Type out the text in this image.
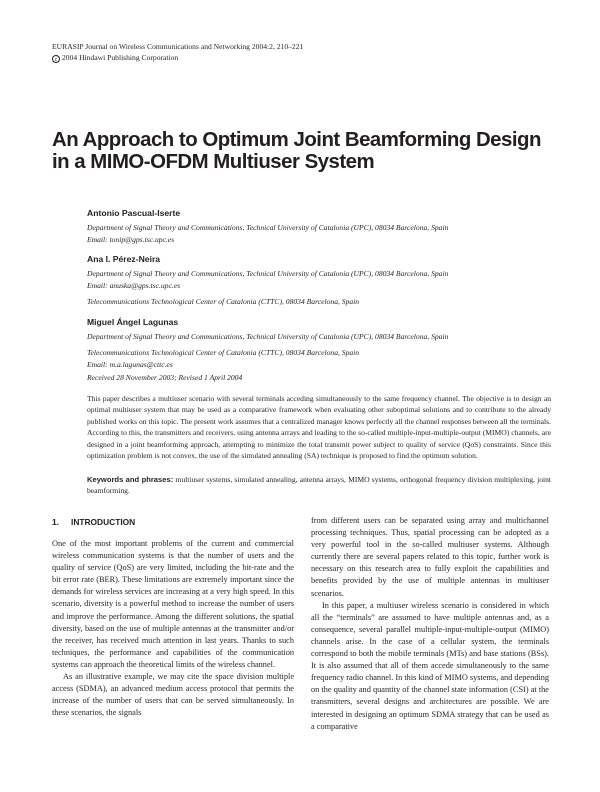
EURASIP Journal on Wireless Communications and Networking 2004:2, 210–221
c 2004 Hindawi Publishing Corporation
An Approach to Optimum Joint Beamforming Design
in a MIMO-OFDM Multiuser System
Antonio Pascual-Iserte
Department of Signal Theory and Communications, Technical University of Catalonia (UPC), 08034 Barcelona, Spain
Email: tonip@gps.tsc.upc.es
Ana I. Pérez-Neira
Department of Signal Theory and Communications, Technical University of Catalonia (UPC), 08034 Barcelona, Spain
Email: anuska@gps.tsc.upc.es
Telecommunications Technological Center of Catalonia (CTTC), 08034 Barcelona, Spain
Miguel Ángel Lagunas
Department of Signal Theory and Communications, Technical University of Catalonia (UPC), 08034 Barcelona, Spain
Telecommunications Technological Center of Catalonia (CTTC), 08034 Barcelona, Spain
Email: m.a.lagunas@cttc.es
Received 28 November 2003; Revised 1 April 2004
This paper describes a multiuser scenario with several terminals acceding simultaneously to the same frequency channel. The objective is to design an optimal multiuser system that may be used as a comparative framework when evaluating other suboptimal solutions and to contribute to the already published works on this topic. The present work assumes that a centralized manager knows perfectly all the channel responses between all the terminals. According to this, the transmitters and receivers, using antenna arrays and leading to the so-called multiple-input-multiple-output (MIMO) channels, are designed in a joint beamforming approach, attempting to minimize the total transmit power subject to quality of service (QoS) constraints. Since this optimization problem is not convex, the use of the simulated annealing (SA) technique is proposed to find the optimum solution.
Keywords and phrases: multiuser systems, simulated annealing, antenna arrays, MIMO systems, orthogonal frequency division multiplexing, joint beamforming.
1. INTRODUCTION

One of the most important problems of the current and commercial wireless communication systems is that the number of users and the quality of service (QoS) are very limited, including the bit-rate and the bit error rate (BER). These limitations are extremely important since the demands for wireless services are increasing at a very high speed. In this scenario, diversity is a powerful method to increase the number of users and improve the performance. Among the different solutions, the spatial diversity, based on the use of multiple antennas at the transmitter and/or the receiver, has received much attention in last years. Thanks to such techniques, the performance and capabilities of the communication systems can approach the theoretical limits of the wireless channel.

As an illustrative example, we may cite the space division multiple access (SDMA), an advanced medium access protocol that permits the increase of the number of users that can be served simultaneously. In these scenarios, the signals

from different users can be separated using array and multichannel processing techniques. Thus, spatial processing can be adopted as a very powerful tool in the so-called multiuser systems. Although currently there are several papers related to this topic, further work is necessary on this research area to fully exploit the capabilities and benefits provided by the use of multiple antennas in multiuser scenarios.

In this paper, a multiuser wireless scenario is considered in which all the “terminals” are assumed to have multiple antennas and, as a consequence, several parallel multiple-input-multiple-output (MIMO) channels arise. In the case of a cellular system, the terminals correspond to both the mobile terminals (MTs) and base stations (BSs). It is also assumed that all of them accede simultaneously to the same frequency radio channel. In this kind of MIMO systems, and depending on the quality and quantity of the channel state information (CSI) at the transmitters, several designs and architectures are possible. We are interested in designing an optimum SDMA strategy that can be used as a comparative
